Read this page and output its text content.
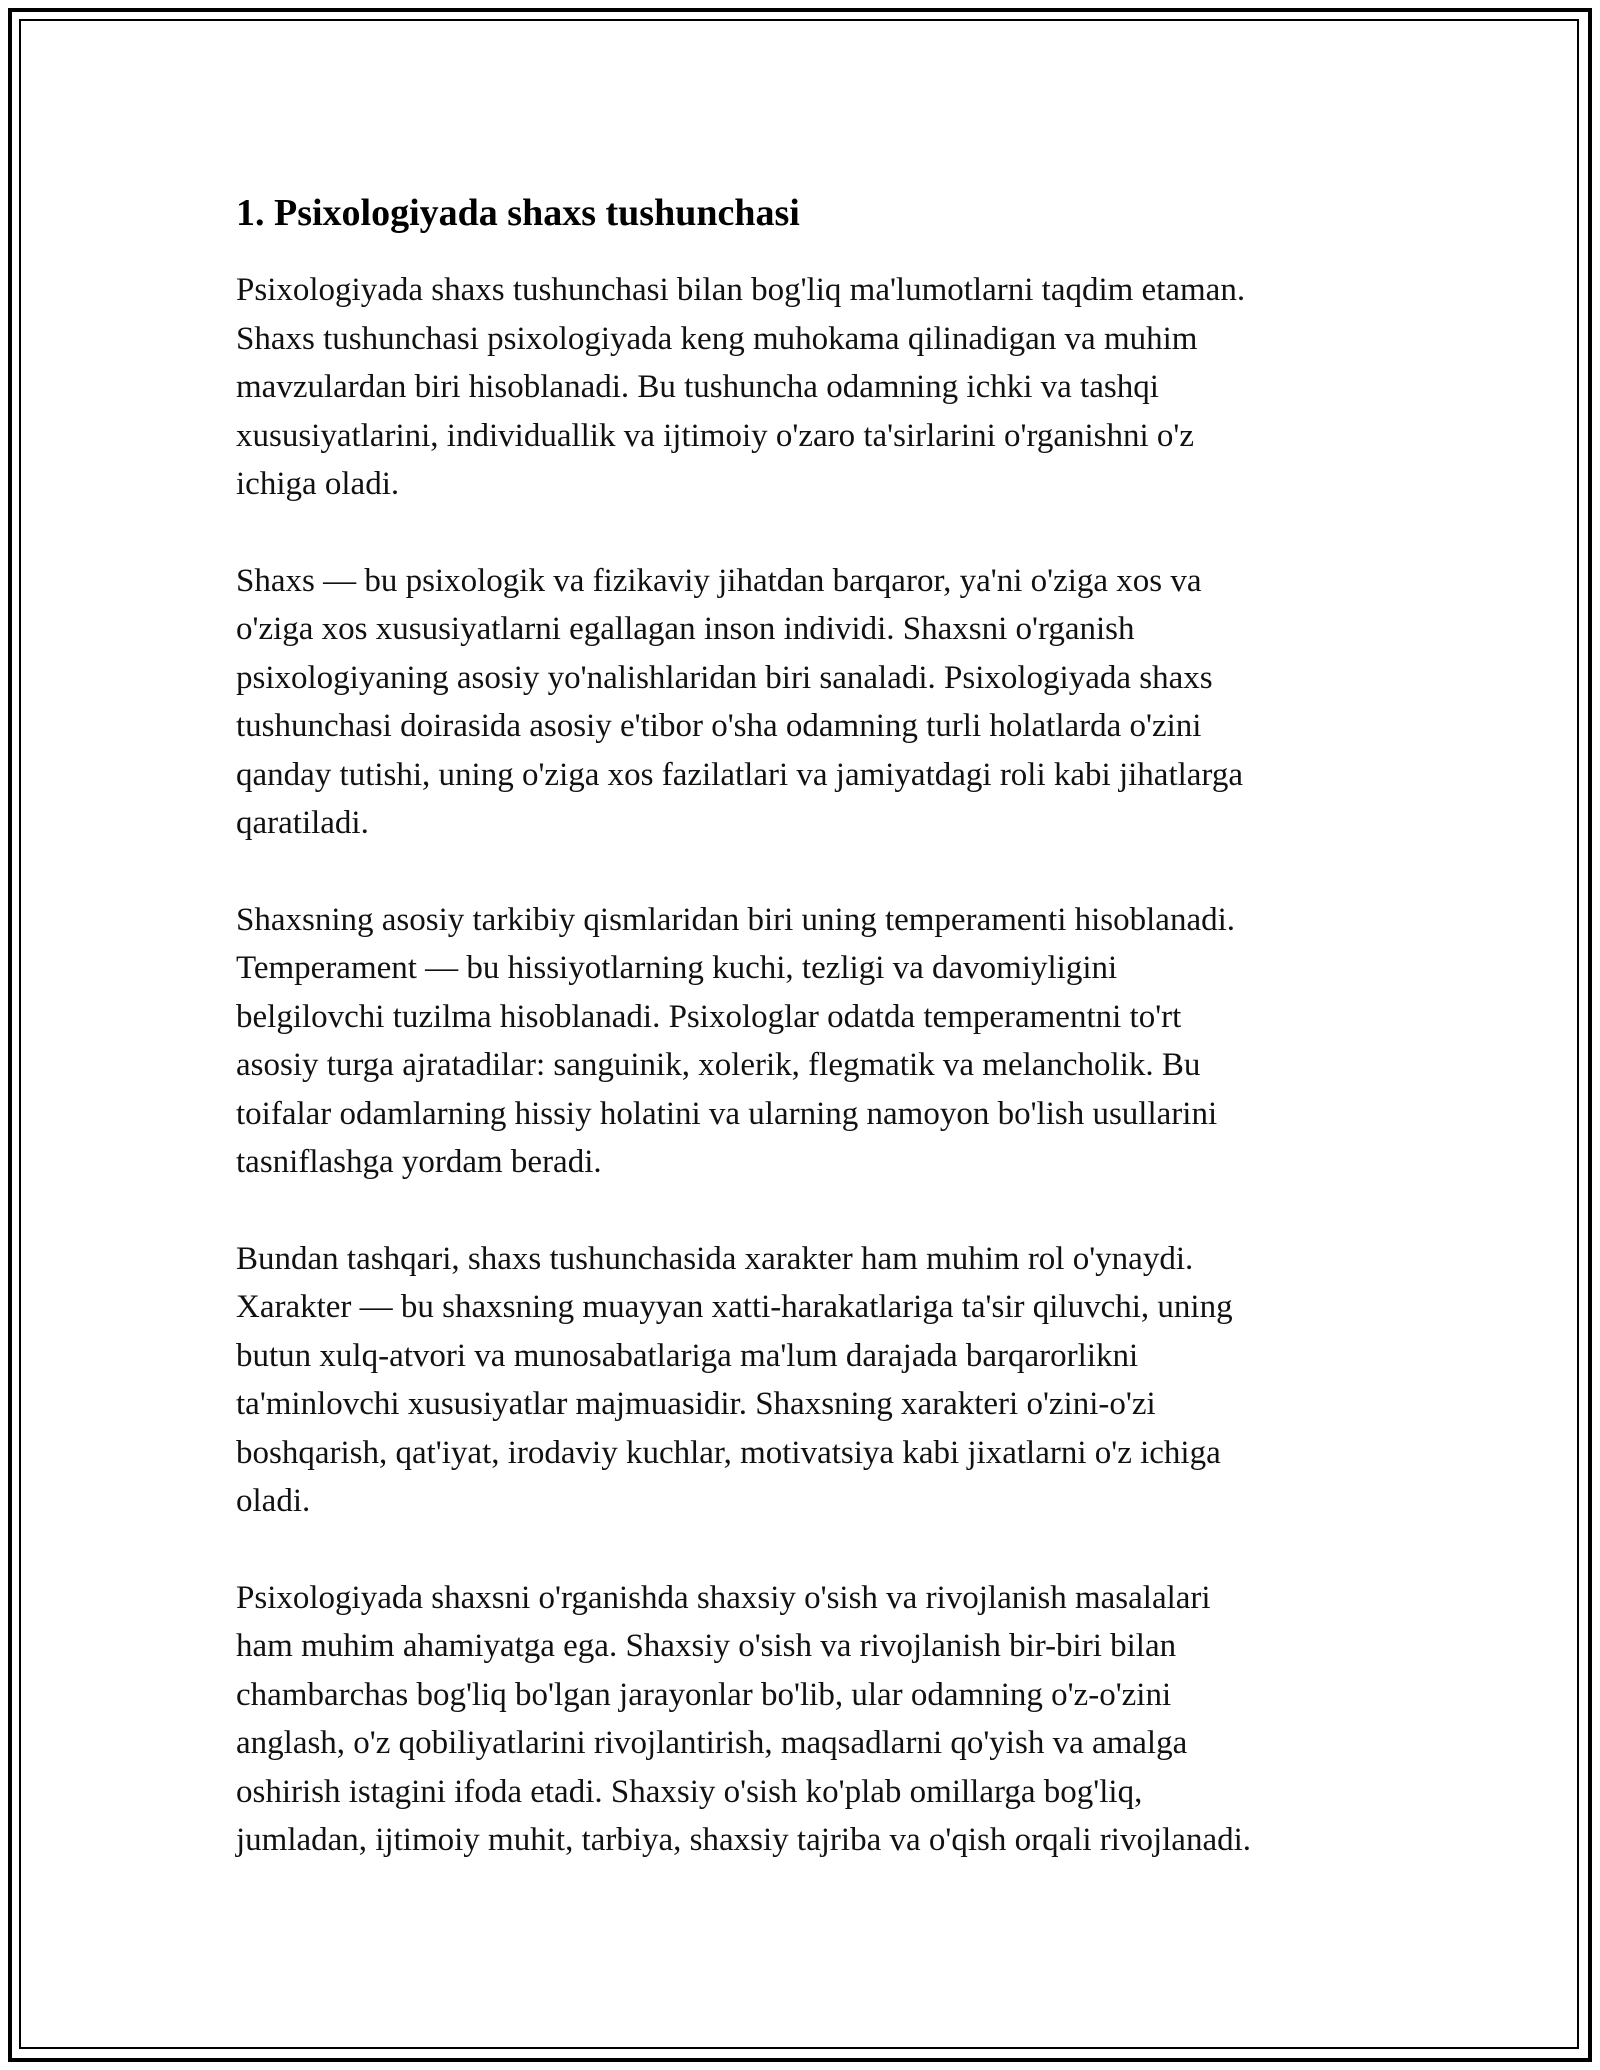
1. Psixologiyada shaxs tushunchasi

Psixologiyada shaxs tushunchasi bilan bog'liq ma'lumotlarni taqdim etaman.
Shaxs tushunchasi psixologiyada keng muhokama qilinadigan va muhim
mavzulardan biri hisoblanadi. Bu tushuncha odamning ichki va tashqi
xususiyatlarini, individuallik va ijtimoiy o'zaro ta'sirlarini o'rganishni o'z
ichiga oladi.

Shaxs — bu psixologik va fizikaviy jihatdan barqaror, ya'ni o'ziga xos va
o'ziga xos xususiyatlarni egallagan inson individi. Shaxsni o'rganish
psixologiyaning asosiy yo'nalishlaridan biri sanaladi. Psixologiyada shaxs
tushunchasi doirasida asosiy e'tibor o'sha odamning turli holatlarda o'zini
qanday tutishi, uning o'ziga xos fazilatlari va jamiyatdagi roli kabi jihatlarga
qaratiladi.

Shaxsning asosiy tarkibiy qismlaridan biri uning temperamenti hisoblanadi.
Temperament — bu hissiyotlarning kuchi, tezligi va davomiyligini
belgilovchi tuzilma hisoblanadi. Psixologlar odatda temperamentni to'rt
asosiy turga ajratadilar: sanguinik, xolerik, flegmatik va melancholik. Bu
toifalar odamlarning hissiy holatini va ularning namoyon bo'lish usullarini
tasniflashga yordam beradi.

Bundan tashqari, shaxs tushunchasida xarakter ham muhim rol o'ynaydi.
Xarakter — bu shaxsning muayyan xatti-harakatlariga ta'sir qiluvchi, uning
butun xulq-atvori va munosabatlariga ma'lum darajada barqarorlikni
ta'minlovchi xususiyatlar majmuasidir. Shaxsning xarakteri o'zini-o'zi
boshqarish, qat'iyat, irodaviy kuchlar, motivatsiya kabi jixatlarni o'z ichiga
oladi.

Psixologiyada shaxsni o'rganishda shaxsiy o'sish va rivojlanish masalalari
ham muhim ahamiyatga ega. Shaxsiy o'sish va rivojlanish bir-biri bilan
chambarchas bog'liq bo'lgan jarayonlar bo'lib, ular odamning o'z-o'zini
anglash, o'z qobiliyatlarini rivojlantirish, maqsadlarni qo'yish va amalga
oshirish istagini ifoda etadi. Shaxsiy o'sish ko'plab omillarga bog'liq,
jumladan, ijtimoiy muhit, tarbiya, shaxsiy tajriba va o'qish orqali rivojlanadi.
